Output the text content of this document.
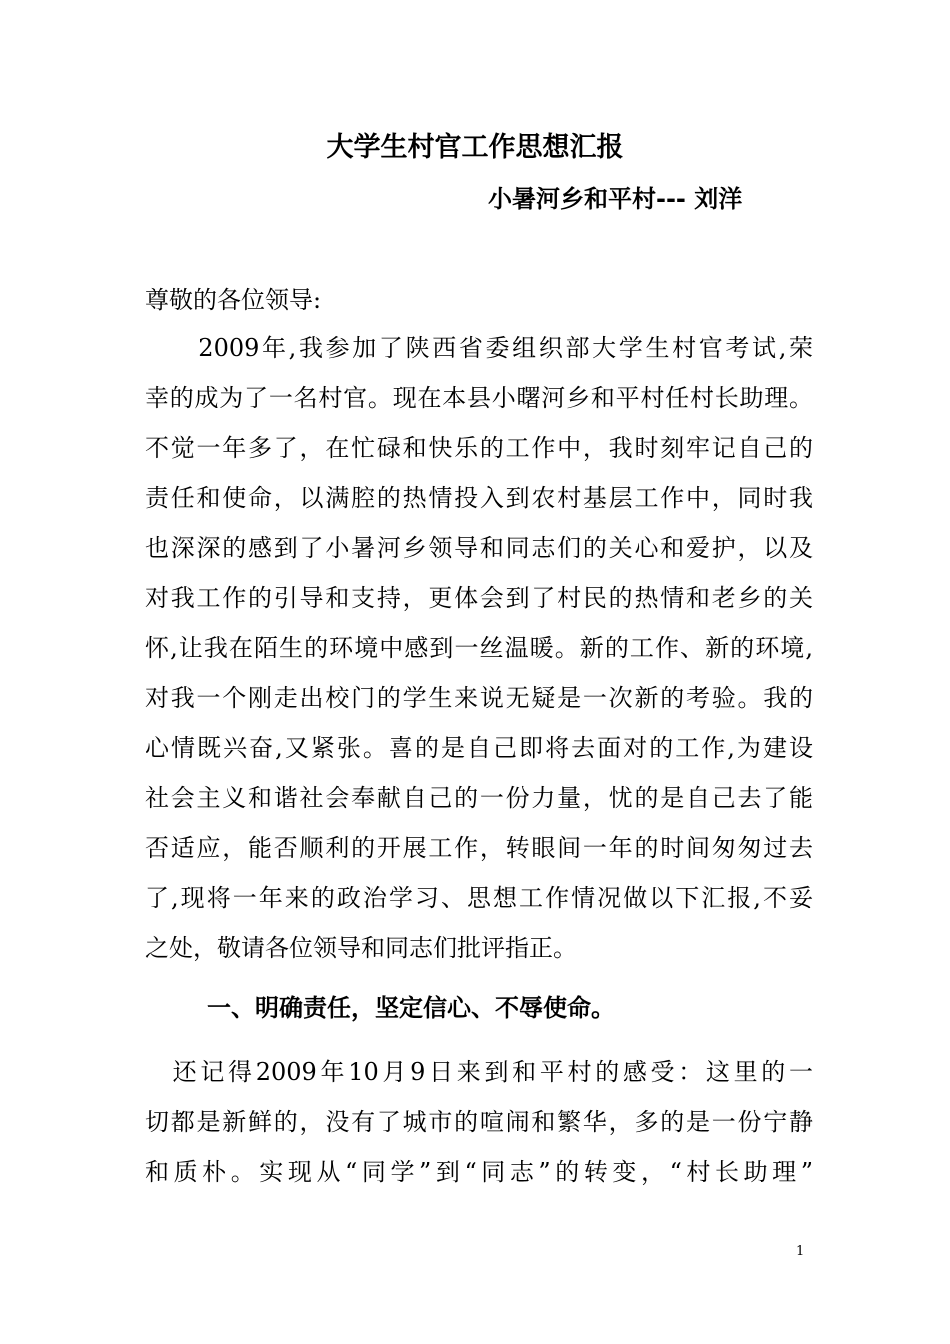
大学生村官工作思想汇报
小暑河乡和平村--- 刘洋
尊敬的各位领导:
　　2009年,我参加了陕西省委组织部大学生村官考试,荣
幸的成为了一名村官。现在本县小曙河乡和平村任村长助理。
不觉一年多了，在忙碌和快乐的工作中，我时刻牢记自己的
责任和使命，以满腔的热情投入到农村基层工作中，同时我
也深深的感到了小暑河乡领导和同志们的关心和爱护，以及
对我工作的引导和支持，更体会到了村民的热情和老乡的关
怀,让我在陌生的环境中感到一丝温暖。新的工作、新的环境,
对我一个刚走出校门的学生来说无疑是一次新的考验。我的
心情既兴奋,又紧张。喜的是自己即将去面对的工作,为建设
社会主义和谐社会奉献自己的一份力量，忧的是自己去了能
否适应，能否顺利的开展工作，转眼间一年的时间匆匆过去
了,现将一年来的政治学习、思想工作情况做以下汇报,不妥
之处，敬请各位领导和同志们批评指正。
一、明确责任，坚定信心、不辱使命。
　还记得2009年10月9日来到和平村的感受：这里的一
切都是新鲜的，没有了城市的喧闹和繁华，多的是一份宁静
和质朴。实现从“同学”到“同志”的转变，“村长助理”
1
